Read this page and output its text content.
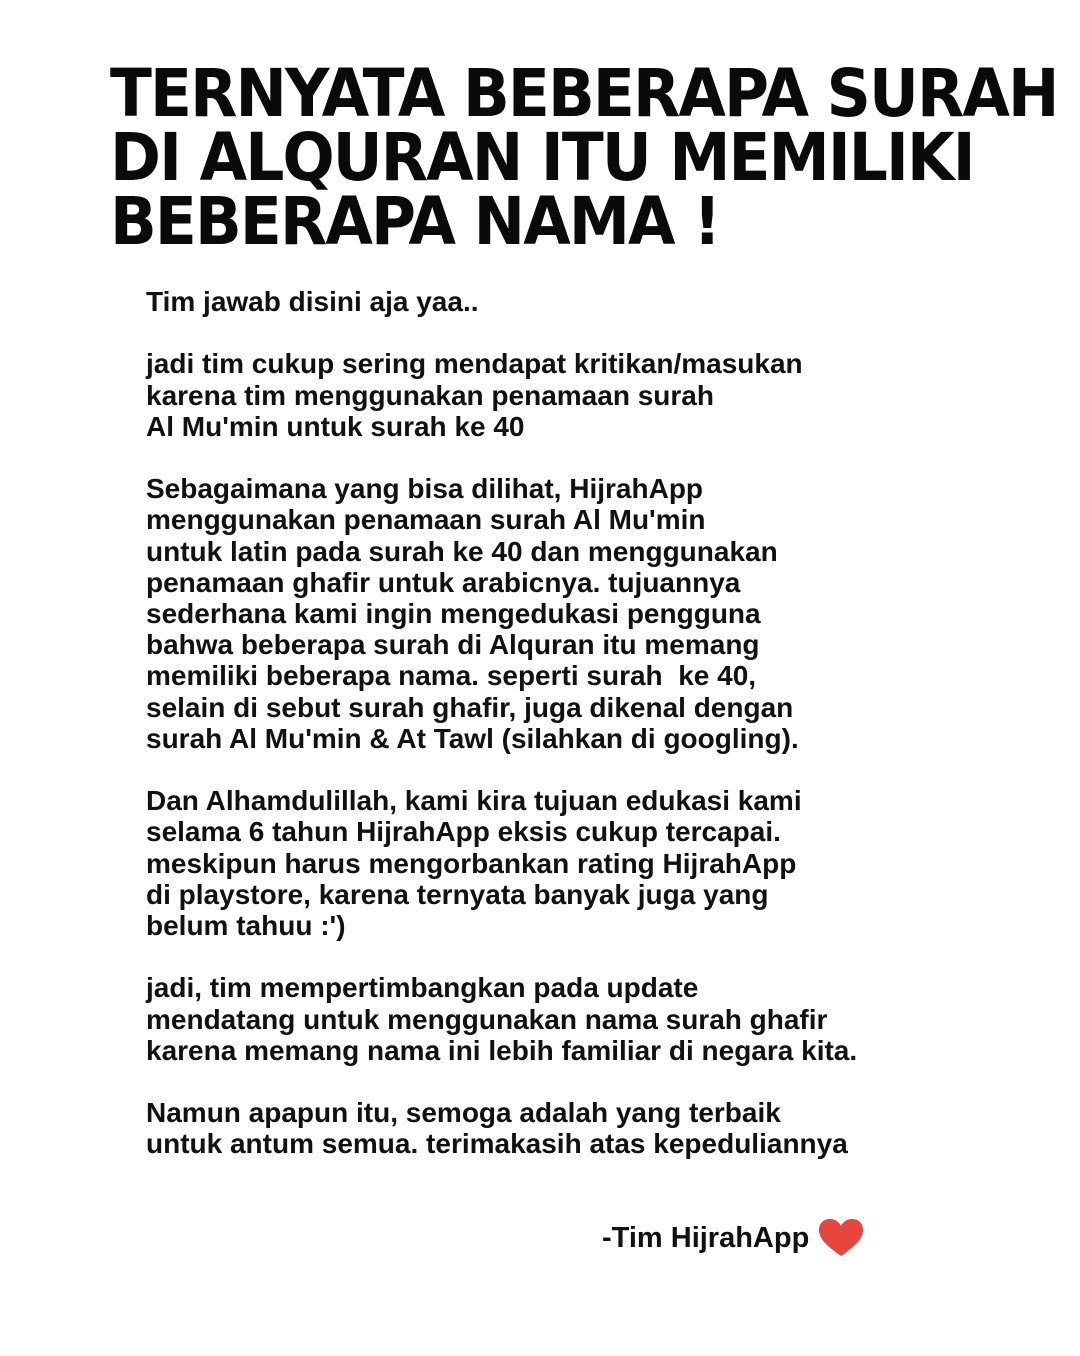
TERNYATA BEBERAPA SURAH
DI ALQURAN ITU MEMILIKI
BEBERAPA NAMA !

Tim jawab disini aja yaa..

jadi tim cukup sering mendapat kritikan/masukan
karena tim menggunakan penamaan surah
Al Mu'min untuk surah ke 40

Sebagaimana yang bisa dilihat, HijrahApp
menggunakan penamaan surah Al Mu'min
untuk latin pada surah ke 40 dan menggunakan
penamaan ghafir untuk arabicnya. tujuannya
sederhana kami ingin mengedukasi pengguna
bahwa beberapa surah di Alquran itu memang
memiliki beberapa nama. seperti surah  ke 40,
selain di sebut surah ghafir, juga dikenal dengan
surah Al Mu'min & At Tawl (silahkan di googling).

Dan Alhamdulillah, kami kira tujuan edukasi kami
selama 6 tahun HijrahApp eksis cukup tercapai.
meskipun harus mengorbankan rating HijrahApp
di playstore, karena ternyata banyak juga yang
belum tahuu :')

jadi, tim mempertimbangkan pada update
mendatang untuk menggunakan nama surah ghafir
karena memang nama ini lebih familiar di negara kita.

Namun apapun itu, semoga adalah yang terbaik
untuk antum semua. terimakasih atas kepeduliannya

-Tim HijrahApp
